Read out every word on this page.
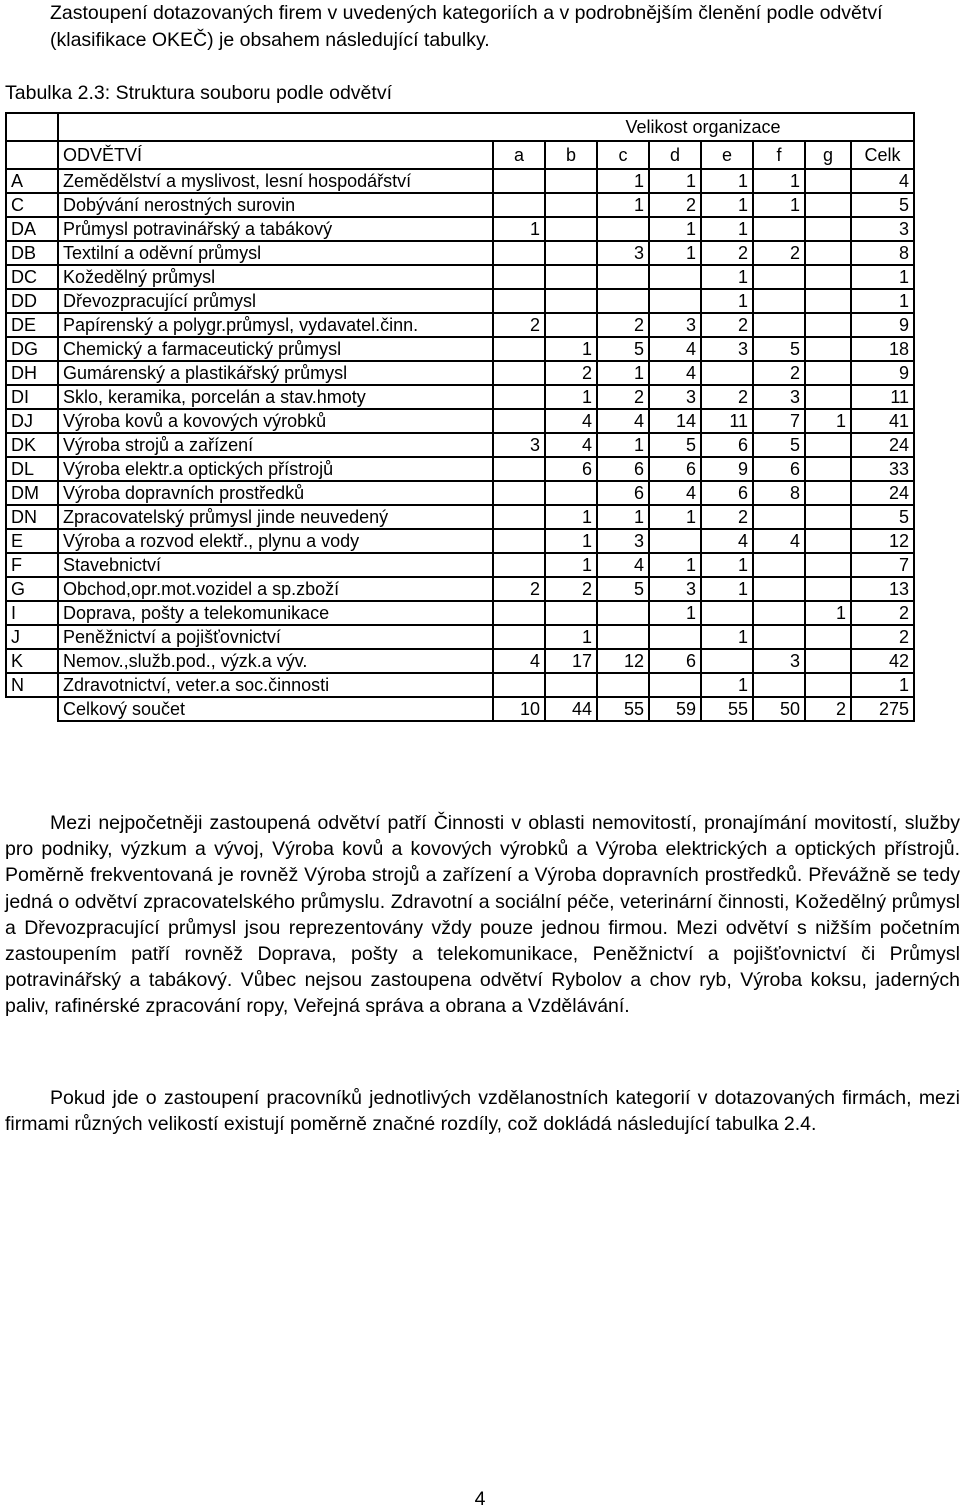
Zastoupení dotazovaných firem v uvedených kategoriích a v podrobnějším členění podle odvětví (klasifikace OKEČ) je obsahem následující tabulky.

Tabulka 2.3: Struktura souboru podle odvětví

		Velikost organizace							
	ODVĚTVÍ	a	b	c	d	e	f	g	Celk
A	Zemědělství a myslivost, lesní hospodářství			1	1	1	1		4
C	Dobývání nerostných surovin			1	2	1	1		5
DA	Průmysl potravinářský a tabákový	1			1	1			3
DB	Textilní a oděvní průmysl			3	1	2	2		8
DC	Kožedělný průmysl					1			1
DD	Dřevozpracující průmysl					1			1
DE	Papírenský a polygr.průmysl, vydavatel.činn.	2		2	3	2			9
DG	Chemický a farmaceutický průmysl		1	5	4	3	5		18
DH	Gumárenský a plastikářský průmysl		2	1	4		2		9
DI	Sklo, keramika, porcelán a stav.hmoty		1	2	3	2	3		11
DJ	Výroba kovů a kovových výrobků		4	4	14	11	7	1	41
DK	Výroba strojů a zařízení	3	4	1	5	6	5		24
DL	Výroba elektr.a optických přístrojů		6	6	6	9	6		33
DM	Výroba dopravních prostředků			6	4	6	8		24
DN	Zpracovatelský průmysl jinde neuvedený		1	1	1	2			5
E	Výroba a rozvod elektř., plynu a vody		1	3		4	4		12
F	Stavebnictví		1	4	1	1			7
G	Obchod,opr.mot.vozidel a sp.zboží	2	2	5	3	1			13
I	Doprava, pošty a telekomunikace				1			1	2
J	Peněžnictví a pojišťovnictví		1			1			2
K	Nemov.,služb.pod., výzk.a výv.	4	17	12	6		3		42
N	Zdravotnictví, veter.a soc.činnosti					1			1
	Celkový součet	10	44	55	59	55	50	2	275

Mezi nejpočetněji zastoupená odvětví patří Činnosti v oblasti nemovitostí, pronajímání movitostí, služby pro podniky, výzkum a vývoj, Výroba kovů a kovových výrobků a Výroba elektrických a optických přístrojů. Poměrně frekventovaná je rovněž Výroba strojů a zařízení a Výroba dopravních prostředků. Převážně se tedy jedná o odvětví zpracovatelského průmyslu. Zdravotní a sociální péče, veterinární činnosti, Kožedělný průmysl a Dřevozpracující průmysl jsou reprezentovány vždy pouze jednou firmou. Mezi odvětví s nižším početním zastoupením patří rovněž Doprava, pošty a telekomunikace, Peněžnictví a pojišťovnictví či Průmysl potravinářský a tabákový. Vůbec nejsou zastoupena odvětví Rybolov a chov ryb, Výroba koksu, jaderných paliv, rafinérské zpracování ropy, Veřejná správa a obrana a Vzdělávání.

Pokud jde o zastoupení pracovníků jednotlivých vzdělanostních kategorií v dotazovaných firmách, mezi firmami různých velikostí existují poměrně značné rozdíly, což dokládá následující tabulka 2.4.

4
